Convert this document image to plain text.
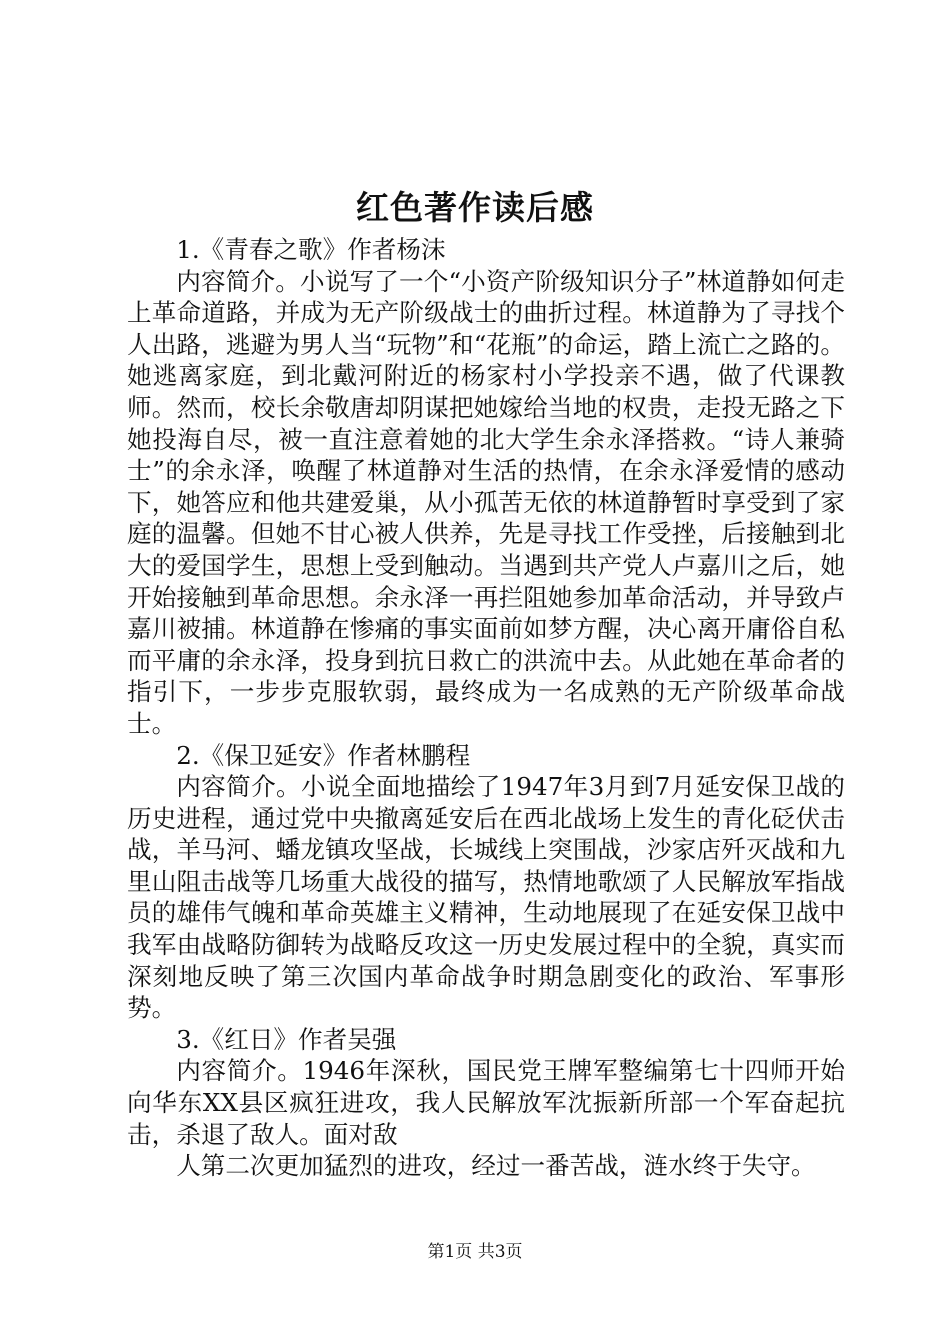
红色著作读后感

1.《青春之歌》作者杨沫

内容简介。小说写了一个“小资产阶级知识分子”林道静如何走上革命道路，并成为无产阶级战士的曲折过程。林道静为了寻找个人出路，逃避为男人当“玩物”和“花瓶”的命运，踏上流亡之路的。她逃离家庭，到北戴河附近的杨家村小学投亲不遇，做了代课教师。然而，校长余敬唐却阴谋把她嫁给当地的权贵，走投无路之下她投海自尽，被一直注意着她的北大学生余永泽搭救。“诗人兼骑士”的余永泽，唤醒了林道静对生活的热情，在余永泽爱情的感动下，她答应和他共建爱巢，从小孤苦无依的林道静暂时享受到了家庭的温馨。但她不甘心被人供养，先是寻找工作受挫，后接触到北大的爱国学生，思想上受到触动。当遇到共产党人卢嘉川之后，她开始接触到革命思想。余永泽一再拦阻她参加革命活动，并导致卢嘉川被捕。林道静在惨痛的事实面前如梦方醒，决心离开庸俗自私而平庸的余永泽，投身到抗日救亡的洪流中去。从此她在革命者的指引下，一步步克服软弱，最终成为一名成熟的无产阶级革命战士。

2.《保卫延安》作者林鹏程

内容简介。小说全面地描绘了1947年3月到7月延安保卫战的历史进程，通过党中央撤离延安后在西北战场上发生的青化砭伏击战，羊马河、蟠龙镇攻坚战，长城线上突围战，沙家店歼灭战和九里山阻击战等几场重大战役的描写，热情地歌颂了人民解放军指战员的雄伟气魄和革命英雄主义精神，生动地展现了在延安保卫战中我军由战略防御转为战略反攻这一历史发展过程中的全貌，真实而深刻地反映了第三次国内革命战争时期急剧变化的政治、军事形势。

3.《红日》作者吴强

内容简介。1946年深秋，国民党王牌军整编第七十四师开始向华东XX县区疯狂进攻，我人民解放军沈振新所部一个军奋起抗击，杀退了敌人。面对敌

人第二次更加猛烈的进攻，经过一番苦战，涟水终于失守。

第1页 共3页
